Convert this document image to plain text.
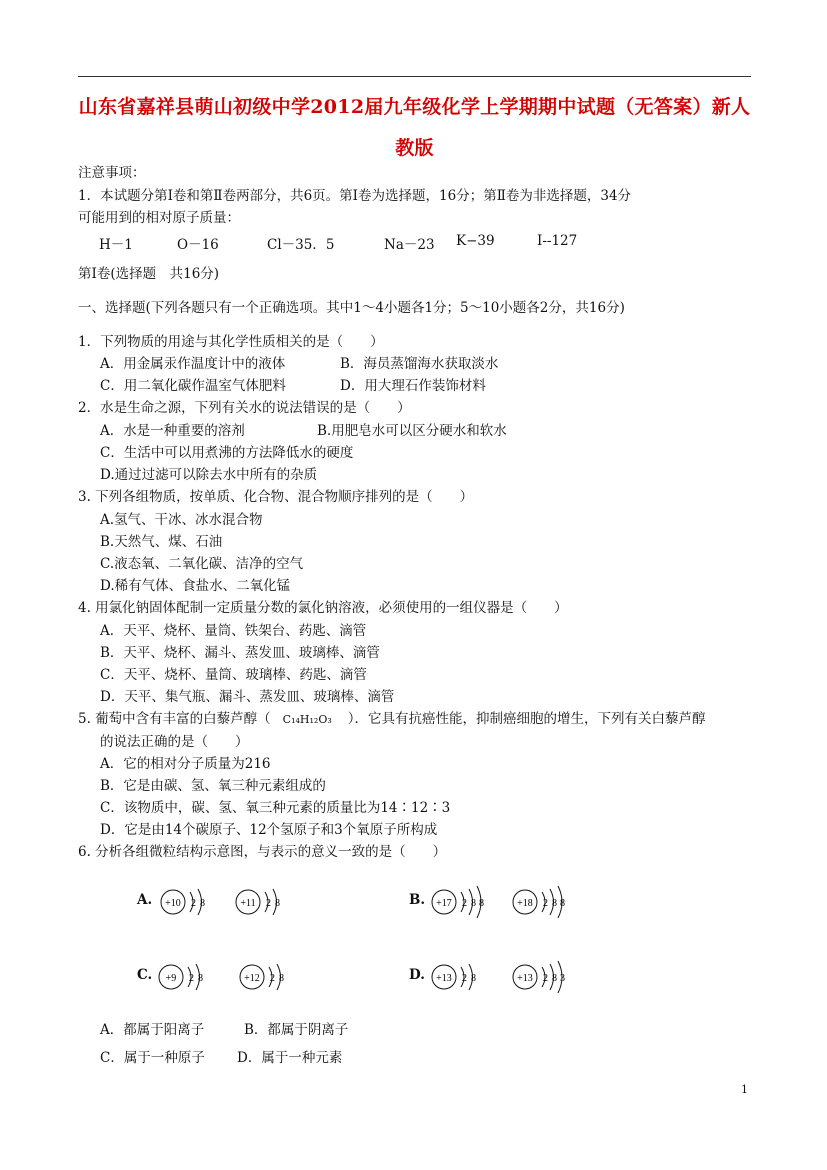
山东省嘉祥县萌山初级中学2012届九年级化学上学期期中试题（无答案）新人
教版
注意事项：
1．本试题分第Ⅰ卷和第Ⅱ卷两部分，共6页。第Ⅰ卷为选择题，16分；第Ⅱ卷为非选择题，34分
可能用到的相对原子质量：
H－1	O－16	Cl－35．5	Na－23 K−39	I--127
第Ⅰ卷(选择题　共16分)
一、选择题(下列各题只有一个正确选项。其中1～4小题各1分；5～10小题各2分，共16分)
1．下列物质的用途与其化学性质相关的是（　　）
A．用金属汞作温度计中的液体	B．海员蒸馏海水获取淡水
C．用二氧化碳作温室气体肥料	D．用大理石作装饰材料
2．水是生命之源，下列有关水的说法错误的是（　　）
A．水是一种重要的溶剂	B.用肥皂水可以区分硬水和软水
C．生活中可以用煮沸的方法降低水的硬度
D.通过过滤可以除去水中所有的杂质
3. 下列各组物质，按单质、化合物、混合物顺序排列的是（　　）
A.氢气、干冰、冰水混合物
B.天然气、煤、石油
C.液态氧、二氧化碳、洁净的空气
D.稀有气体、食盐水、二氧化锰
4. 用氯化钠固体配制一定质量分数的氯化钠溶液，必须使用的一组仪器是（　　）
A．天平、烧杯、量筒、铁架台、药匙、滴管
B．天平、烧杯、漏斗、蒸发皿、玻璃棒、滴管
C．天平、烧杯、量筒、玻璃棒、药匙、滴管
D．天平、集气瓶、漏斗、蒸发皿、玻璃棒、滴管
5. 葡萄中含有丰富的白藜芦醇（ C₁₄H₁₂O₃ ）．它具有抗癌性能，抑制癌细胞的增生，下列有关白藜芦醇
的说法正确的是（　　）
A．它的相对分子质量为216
B．它是由碳、氢、氧三种元素组成的
C．该物质中，碳、氢、氧三种元素的质量比为14∶12∶3
D．它是由14个碳原子、12个氢原子和3个氧原子所构成
6. 分析各组微粒结构示意图，与表示的意义一致的是（　　）
A. +10 2 8	+11 2 8	B. +17 2 8 8	+18 2 8 8
C. +9 2 8	+12 2 8	D. +13 2 8	+13 2 8 3
A．都属于阳离子	B．都属于阴离子
C．属于一种原子 D．属于一种元素
1
